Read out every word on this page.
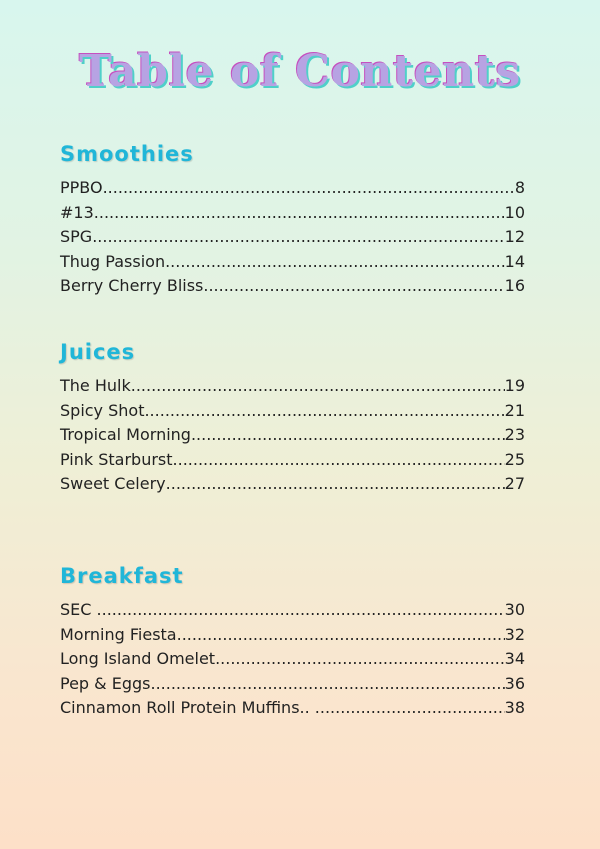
Table of Contents
Smoothies
PPBO .....	8
#13 .....	10
SPG .....	12
Thug Passion .....	14
Berry Cherry Bliss .....	16
Juices
The Hulk .....	19
Spicy Shot .....	21
Tropical Morning .....	23
Pink Starburst .....	25
Sweet Celery .....	27
Breakfast
SEC .....	30
Morning Fiesta .....	32
Long Island Omelet .....	34
Pep & Eggs .....	36
Cinnamon Roll Protein Muffins.. .....	38
